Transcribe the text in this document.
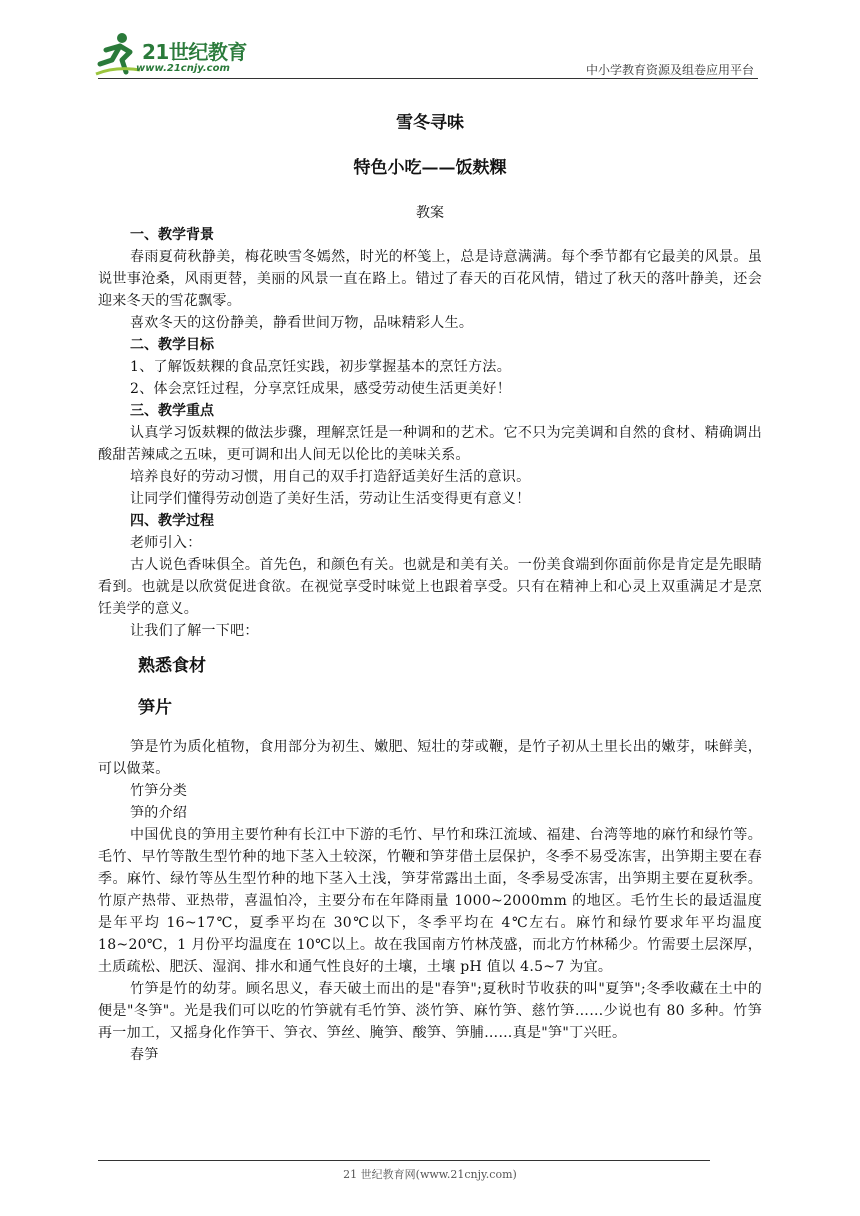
21世纪教育
www.21cnjy.com	中小学教育资源及组卷应用平台
雪冬寻味
特色小吃——饭麸粿
教案
一、教学背景
春雨夏荷秋静美，梅花映雪冬嫣然，时光的杯笺上，总是诗意满满。每个季节都有它最美的风景。虽说世事沧桑，风雨更替，美丽的风景一直在路上。错过了春天的百花风情，错过了秋天的落叶静美，还会迎来冬天的雪花飘零。
喜欢冬天的这份静美，静看世间万物，品味精彩人生。
二、教学目标
1、了解饭麸粿的食品烹饪实践，初步掌握基本的烹饪方法。
2、体会烹饪过程，分享烹饪成果，感受劳动使生活更美好！
三、教学重点
认真学习饭麸粿的做法步骤，理解烹饪是一种调和的艺术。它不只为完美调和自然的食材、精确调出酸甜苦辣咸之五味，更可调和出人间无以伦比的美味关系。
培养良好的劳动习惯，用自己的双手打造舒适美好生活的意识。
让同学们懂得劳动创造了美好生活，劳动让生活变得更有意义！
四、教学过程
老师引入：
古人说色香味俱全。首先色，和颜色有关。也就是和美有关。一份美食端到你面前你是肯定是先眼睛看到。也就是以欣赏促进食欲。在视觉享受时味觉上也跟着享受。只有在精神上和心灵上双重满足才是烹饪美学的意义。
让我们了解一下吧：
熟悉食材
笋片
笋是竹为质化植物，食用部分为初生、嫩肥、短壮的芽或鞭，是竹子初从土里长出的嫩芽，味鲜美，可以做菜。
竹笋分类
笋的介绍
中国优良的笋用主要竹种有长江中下游的毛竹、早竹和珠江流域、福建、台湾等地的麻竹和绿竹等。毛竹、早竹等散生型竹种的地下茎入土较深，竹鞭和笋芽借土层保护，冬季不易受冻害，出笋期主要在春季。麻竹、绿竹等丛生型竹种的地下茎入土浅，笋芽常露出土面，冬季易受冻害，出笋期主要在夏秋季。竹原产热带、亚热带，喜温怕冷，主要分布在年降雨量 1000~2000mm 的地区。毛竹生长的最适温度是年平均 16~17℃，夏季平均在 30℃以下，冬季平均在 4℃左右。麻竹和绿竹要求年平均温度 18~20℃，1 月份平均温度在 10℃以上。故在我国南方竹林茂盛，而北方竹林稀少。竹需要土层深厚，土质疏松、肥沃、湿润、排水和通气性良好的土壤，土壤 pH 值以 4.5~7 为宜。
竹笋是竹的幼芽。顾名思义，春天破土而出的是"春笋";夏秋时节收获的叫"夏笋";冬季收藏在土中的便是"冬笋"。光是我们可以吃的竹笋就有毛竹笋、淡竹笋、麻竹笋、慈竹笋……少说也有 80 多种。竹笋再一加工，又摇身化作笋干、笋衣、笋丝、腌笋、酸笋、笋脯……真是"笋"丁兴旺。
春笋
21 世纪教育网(www.21cnjy.com)
